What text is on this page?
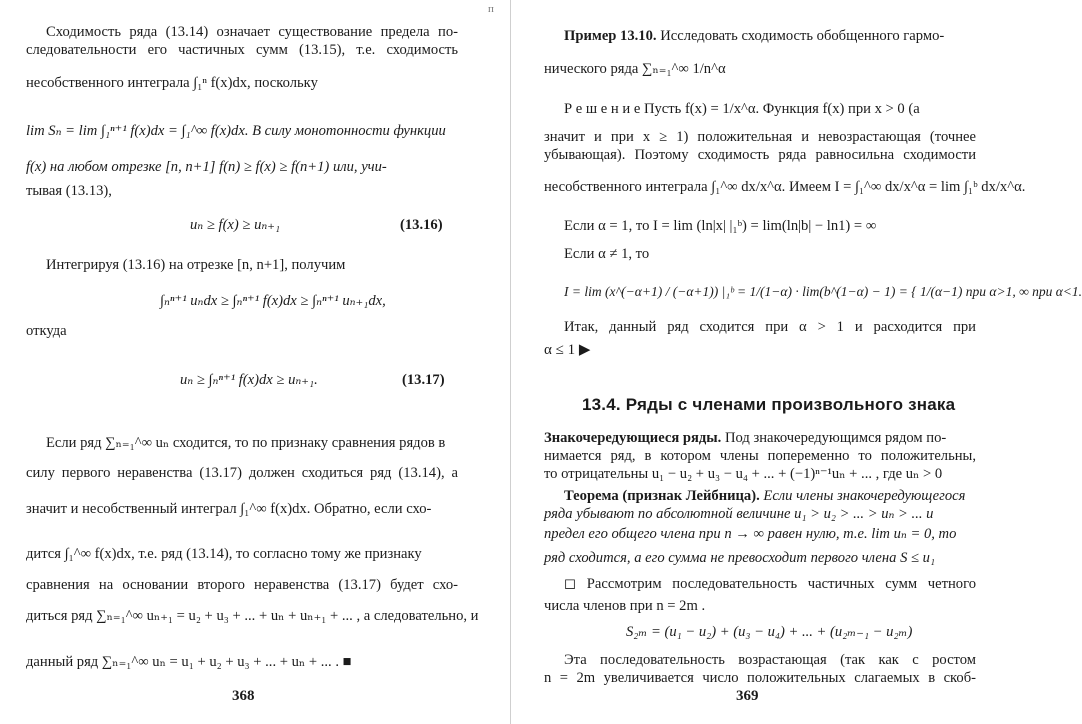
п
Сходимость ряда (13.14) означает существование предела по-
следовательности его частичных сумм (13.15), т.е. сходимость
несобственного интеграла ∫₁ⁿ f(x)dx, поскольку
lim Sₙ = lim ∫₁ⁿ⁺¹ f(x)dx = ∫₁^∞ f(x)dx. В силу монотонности функции
f(x) на любом отрезке [n, n+1] f(n) ≥ f(x) ≥ f(n+1) или, учи-
тывая (13.13),
uₙ ≥ f(x) ≥ uₙ₊₁	(13.16)
Интегрируя (13.16) на отрезке [n, n+1], получим
∫ₙⁿ⁺¹ uₙdx ≥ ∫ₙⁿ⁺¹ f(x)dx ≥ ∫ₙⁿ⁺¹ uₙ₊₁dx,
откуда
uₙ ≥ ∫ₙⁿ⁺¹ f(x)dx ≥ uₙ₊₁.	(13.17)
Если ряд ∑ₙ₌₁^∞ uₙ сходится, то по признаку сравнения рядов в
силу первого неравенства (13.17) должен сходиться ряд (13.14), а
значит и несобственный интеграл ∫₁^∞ f(x)dx. Обратно, если схо-
дится ∫₁^∞ f(x)dx, т.е. ряд (13.14), то согласно тому же признаку
сравнения на основании второго неравенства (13.17) будет схо-
диться ряд ∑ₙ₌₁^∞ uₙ₊₁ = u₂ + u₃ + ... + uₙ + uₙ₊₁ + ... , а следовательно, и
данный ряд ∑ₙ₌₁^∞ uₙ = u₁ + u₂ + u₃ + ... + uₙ + ... . ■
368
Пример 13.10. Исследовать сходимость обобщенного гармо-
нического ряда ∑ₙ₌₁^∞ 1/n^α
Р е ш е н и е Пусть f(x) = 1/x^α. Функция f(x) при x > 0 (а
значит и при x ≥ 1) положительная и невозрастающая (точнее
убывающая). Поэтому сходимость ряда равносильна сходимости
несобственного интеграла ∫₁^∞ dx/x^α. Имеем I = ∫₁^∞ dx/x^α = lim ∫₁ᵇ dx/x^α.
Если α = 1, то I = lim (ln|x| |₁ᵇ) = lim(ln|b| − ln1) = ∞
Если α ≠ 1, то
I = lim (x^(−α+1) / (−α+1)) |₁ᵇ = 1/(1−α) · lim(b^(1−α) − 1) = { 1/(α−1) при α>1, ∞ при α<1.
Итак, данный ряд сходится при α > 1 и расходится при
α ≤ 1 ▶
13.4. Ряды с членами произвольного знака
Знакочередующиеся ряды. Под знакочередующимся рядом по-
нимается ряд, в котором члены попеременно то положительны,
то отрицательны u₁ − u₂ + u₃ − u₄ + ... + (−1)ⁿ⁻¹uₙ + ... , где uₙ > 0
Теорема (признак Лейбница). Если члены знакочередующегося
ряда убывают по абсолютной величине u₁ > u₂ > ... > uₙ > ... и
предел его общего члена при n → ∞ равен нулю, т.е. lim uₙ = 0, то
ряд сходится, а его сумма не превосходит первого члена S ≤ u₁
◻ Рассмотрим последовательность частичных сумм четного
числа членов при n = 2m .
S₂ₘ = (u₁ − u₂) + (u₃ − u₄) + ... + (u₂ₘ₋₁ − u₂ₘ)
Эта последовательность возрастающая (так как с ростом
n = 2m увеличивается число положительных слагаемых в скоб-
369
